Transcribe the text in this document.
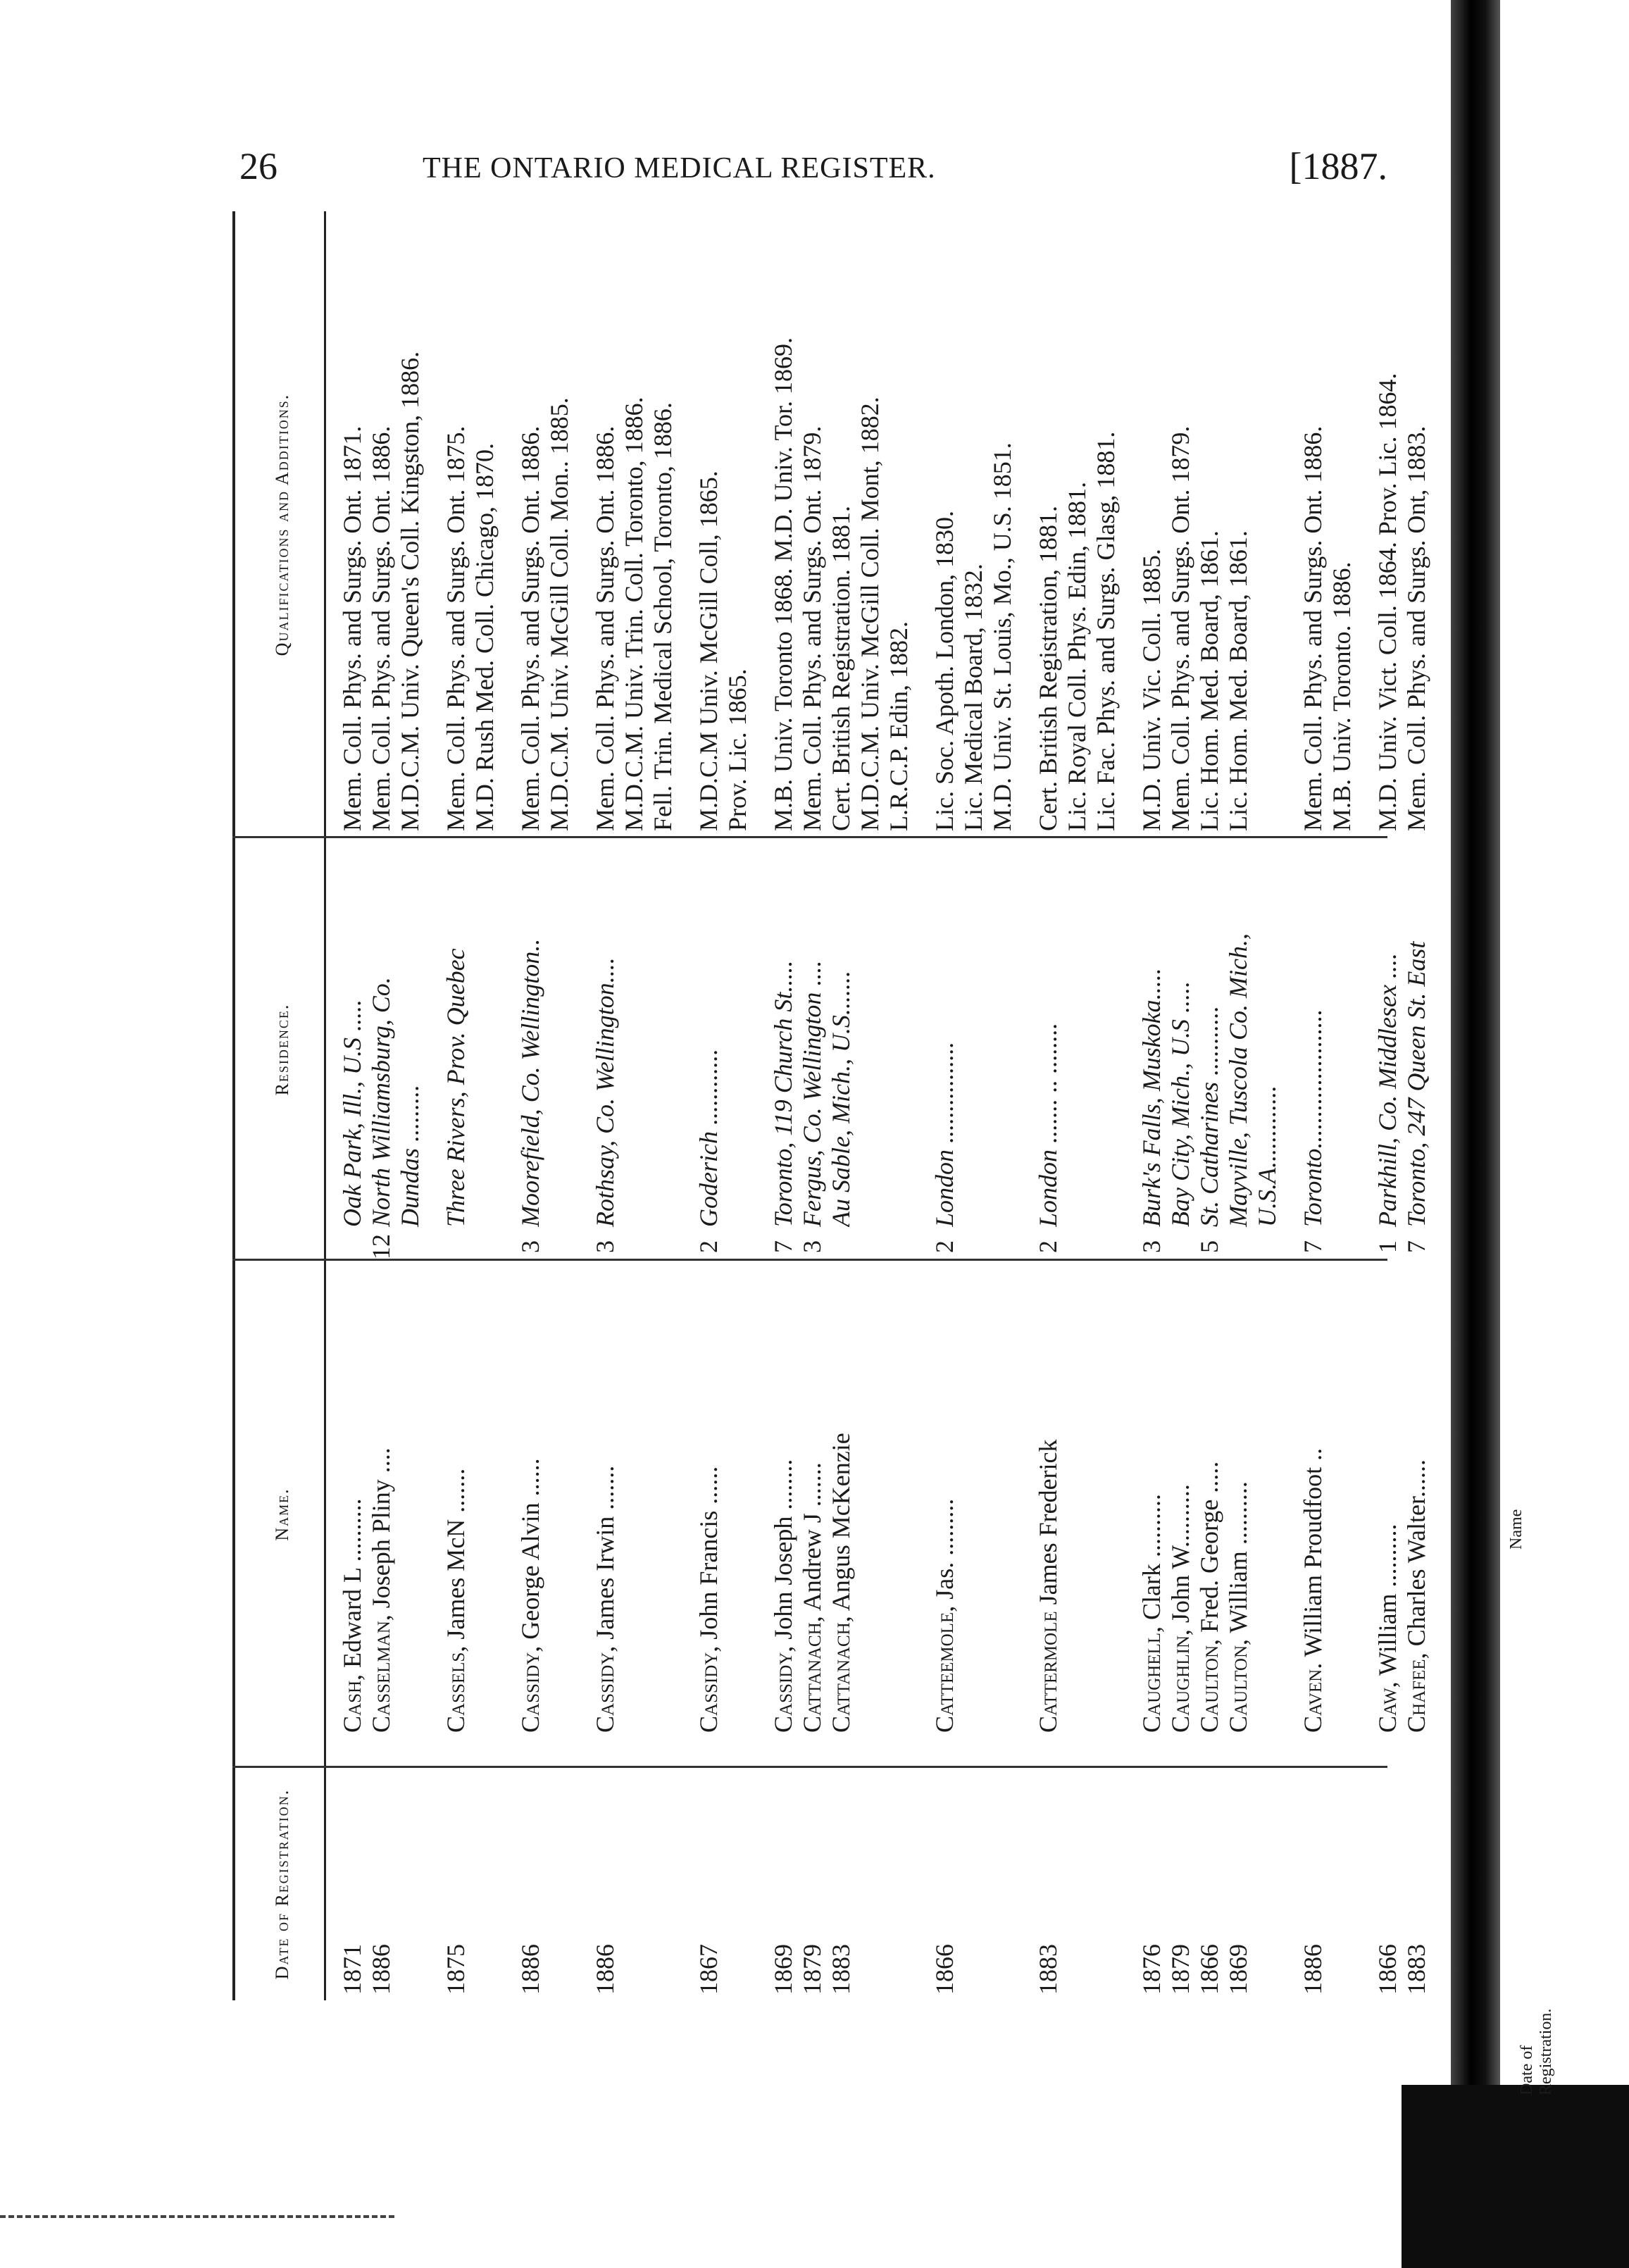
26	THE ONTARIO MEDICAL REGISTER.	[1887.
Date of Registration.
Name.
Residence.
Qualifications and Additions.
1871
Cash, Edward L ..........
Oak Park, Ill., U.S .....
Mem. Coll. Phys. and Surgs. Ont. 1871.
1886
Casselman, Joseph Pliny ....
12
North Williamsburg, Co.
Mem. Coll. Phys. and Surgs. Ont. 1886.
Dundas .........
M.D.C.M. Univ. Queen's Coll. Kingston, 1886.
1875
Cassels, James McN .......
Three Rivers, Prov. Quebec
Mem. Coll. Phys. and Surgs. Ont. 1875. M.D. Rush Med. Coll. Chicago, 1870.
1886
Cassidy, George Alvin ......
3
Moorefield, Co. Wellington..
Mem. Coll. Phys. and Surgs. Ont. 1886. M.D.C.M. Univ. McGill Coll. Mon.. 1885.
1886
Cassidy, James Irwin .......
3
Rothsay, Co. Wellington....
Mem. Coll. Phys. and Surgs. Ont. 1886. M.D.C.M. Univ. Trin. Coll. Toronto, 1886. Fell. Trin. Medical School, Toronto, 1886.
1867
Cassidy, John Francis ......
2
Goderich ............
M.D.C.M Univ. McGill Coll, 1865. Prov. Lic. 1865.
1869
Cassidy, John Joseph ........
7
Toronto, 119 Church St.....
M.B. Univ. Toronto 1868. M.D. Univ. Tor. 1869.
1879
Cattanach, Andrew J .......
3
Fergus, Co. Wellington ....
Mem. Coll. Phys. and Surgs. Ont. 1879.
1883
Cattanach, Angus McKenzie
Au Sable, Mich., U.S.......
Cert. British Registration. 1881. M.D.C.M. Univ. McGill Coll. Mont, 1882. L.R.C.P. Edin, 1882.
1866
Catteemole, Jas. .........
2
London ................
Lic. Soc. Apoth. London, 1830. Lic. Medical Board, 1832. M.D. Univ. St. Louis, Mo., U.S. 1851.
1883
Cattermole James Frederick
2
London ....... .. ........
Cert. British Registration, 1881. Lic. Royal Coll. Phys. Edin, 1881. Lic. Fac. Phys. and Surgs. Glasg, 1881.
1876
Caughell, Clark ..........
3
Burk's Falls, Muskoka.....
M.D. Univ. Vic. Coll. 1885.
1879
Caughlin, John W..........
Bay City, Mich., U.S .....
Mem. Coll. Phys. and Surgs. Ont. 1879.
1866
Caulton, Fred. George .....
5
St. Catharines ...........
Lic. Hom. Med. Board, 1861.
1869
Caulton, William ..........
Mayville, Tuscola Co. Mich.,
Lic. Hom. Med. Board, 1861.
U.S.A.............
1886
Caven. William Proudfoot ..
7
Toronto......................
Mem. Coll. Phys. and Surgs. Ont. 1886. M.B. Univ. Toronto. 1886.
1866
Caw, William ..........
1
Parkhill, Co. Middlesex ....
M.D. Univ. Vict. Coll. 1864. Prov. Lic. 1864.
1883
Chafee, Charles Walter......
7
Toronto, 247 Queen St. East
Mem. Coll. Phys. and Surgs. Ont, 1883.
Date of Registration.
Name
